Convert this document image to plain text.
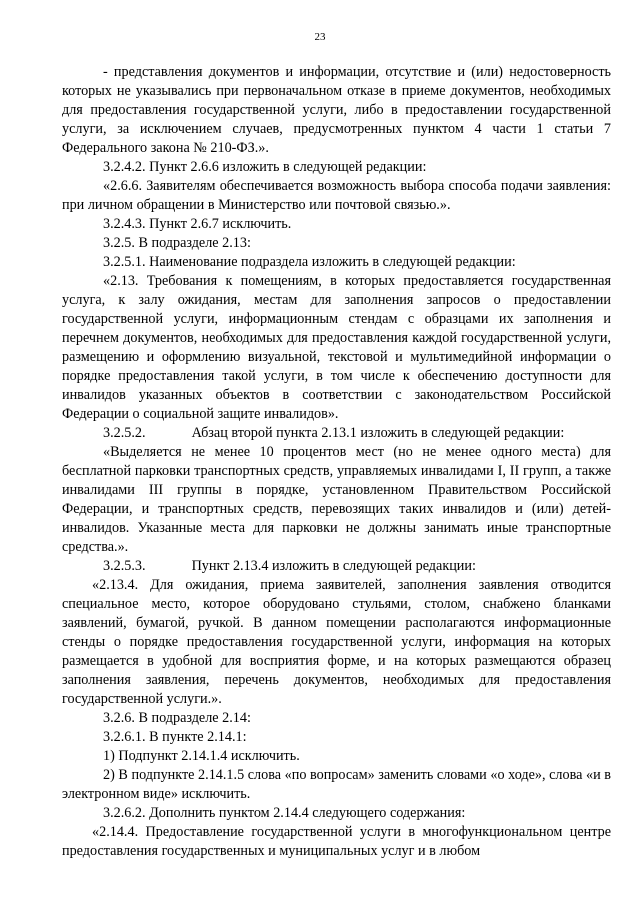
23

- представления документов и информации, отсутствие и (или) недостоверность которых не указывались при первоначальном отказе в приеме документов, необходимых для предоставления государственной услуги, либо в предоставлении государственной услуги, за исключением случаев, предусмотренных пунктом 4 части 1 статьи 7 Федерального закона № 210-ФЗ.».

3.2.4.2. Пункт 2.6.6 изложить в следующей редакции:

«2.6.6. Заявителям обеспечивается возможность выбора способа подачи заявления: при личном обращении в Министерство или почтовой связью.».

3.2.4.3. Пункт 2.6.7 исключить.

3.2.5. В подразделе 2.13:

3.2.5.1. Наименование подраздела изложить в следующей редакции:

«2.13. Требования к помещениям, в которых предоставляется государственная услуга, к залу ожидания, местам для заполнения запросов о предоставлении государственной услуги, информационным стендам с образцами их заполнения и перечнем документов, необходимых для предоставления каждой государственной услуги, размещению и оформлению визуальной, текстовой и мультимедийной информации о порядке предоставления такой услуги, в том числе к обеспечению доступности для инвалидов указанных объектов в соответствии с законодательством Российской Федерации о социальной защите инвалидов».

3.2.5.2.	Абзац второй пункта 2.13.1 изложить в следующей редакции:

«Выделяется не менее 10 процентов мест (но не менее одного места) для бесплатной парковки транспортных средств, управляемых инвалидами I, II групп, а также инвалидами III группы в порядке, установленном Правительством Российской Федерации, и транспортных средств, перевозящих таких инвалидов и (или) детей-инвалидов. Указанные места для парковки не должны занимать иные транспортные средства.».

3.2.5.3.	Пункт 2.13.4 изложить в следующей редакции:

«2.13.4. Для ожидания, приема заявителей, заполнения заявления отводится специальное место, которое оборудовано стульями, столом, снабжено бланками заявлений, бумагой, ручкой. В данном помещении располагаются информационные стенды о порядке предоставления государственной услуги, информация на которых размещается в удобной для восприятия форме, и на которых размещаются образец заполнения заявления, перечень документов, необходимых для предоставления государственной услуги.».

3.2.6. В подразделе 2.14:

3.2.6.1. В пункте 2.14.1:

1) Подпункт 2.14.1.4 исключить.

2) В подпункте 2.14.1.5 слова «по вопросам» заменить словами «о ходе», слова «и в электронном виде» исключить.

3.2.6.2. Дополнить пунктом 2.14.4 следующего содержания:

«2.14.4. Предоставление государственной услуги в многофункциональном центре предоставления государственных и муниципальных услуг и в любом
